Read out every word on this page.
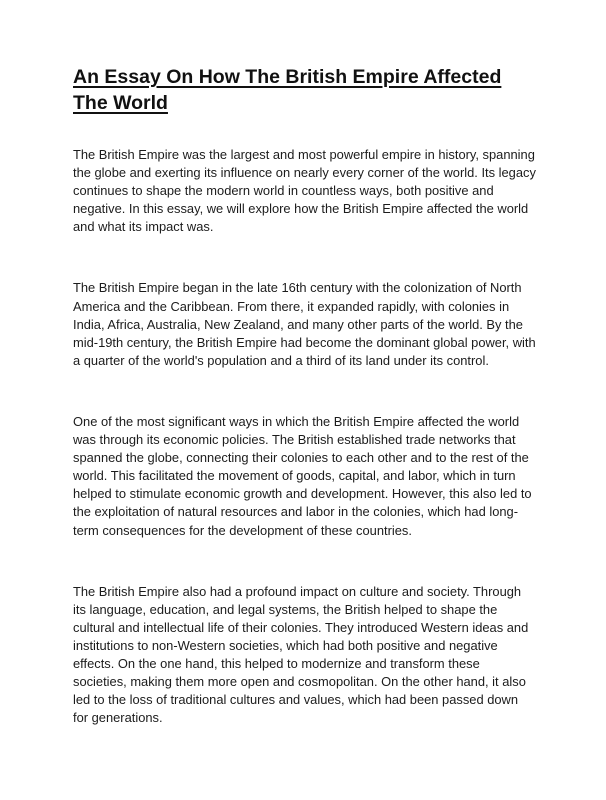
An Essay On How The British Empire Affected The World

The British Empire was the largest and most powerful empire in history, spanning the globe and exerting its influence on nearly every corner of the world. Its legacy continues to shape the modern world in countless ways, both positive and negative. In this essay, we will explore how the British Empire affected the world and what its impact was.

The British Empire began in the late 16th century with the colonization of North America and the Caribbean. From there, it expanded rapidly, with colonies in India, Africa, Australia, New Zealand, and many other parts of the world. By the mid-19th century, the British Empire had become the dominant global power, with a quarter of the world's population and a third of its land under its control.

One of the most significant ways in which the British Empire affected the world was through its economic policies. The British established trade networks that spanned the globe, connecting their colonies to each other and to the rest of the world. This facilitated the movement of goods, capital, and labor, which in turn helped to stimulate economic growth and development. However, this also led to the exploitation of natural resources and labor in the colonies, which had long-term consequences for the development of these countries.

The British Empire also had a profound impact on culture and society. Through its language, education, and legal systems, the British helped to shape the cultural and intellectual life of their colonies. They introduced Western ideas and institutions to non-Western societies, which had both positive and negative effects. On the one hand, this helped to modernize and transform these societies, making them more open and cosmopolitan. On the other hand, it also led to the loss of traditional cultures and values, which had been passed down for generations.
